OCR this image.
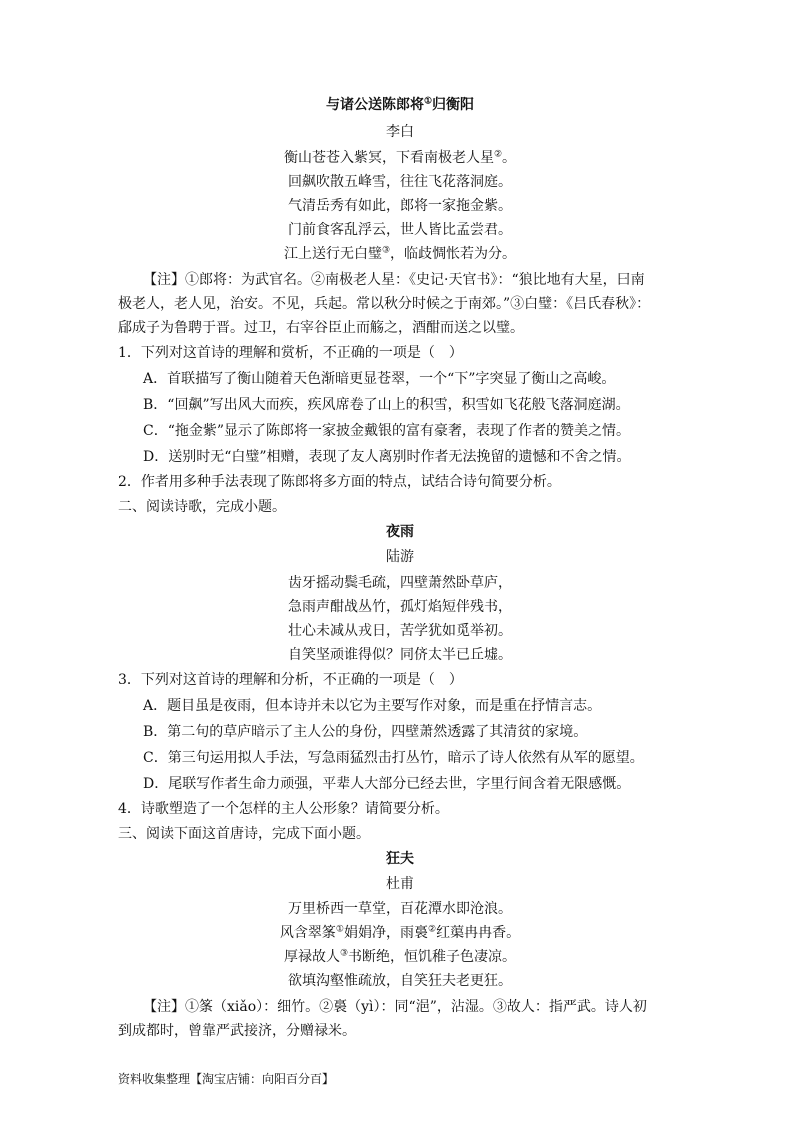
与诸公送陈郎将①归衡阳
李白
衡山苍苍入紫冥，下看南极老人星②。
回飙吹散五峰雪，往往飞花落洞庭。
气清岳秀有如此，郎将一家拖金紫。
门前食客乱浮云，世人皆比孟尝君。
江上送行无白璧③，临歧惆怅若为分。
【注】①郎将：为武官名。②南极老人星：《史记·天官书》：“狼比地有大星，曰南
极老人，老人见，治安。不见，兵起。常以秋分时候之于南郊。”③白璧：《吕氏春秋》：
郈成子为鲁聘于晋。过卫，右宰谷臣止而觞之，酒酣而送之以璧。
1．下列对这首诗的理解和赏析，不正确的一项是（　）
A．首联描写了衡山随着天色渐暗更显苍翠，一个“下”字突显了衡山之高峻。
B．“回飙”写出风大而疾，疾风席卷了山上的积雪，积雪如飞花般飞落洞庭湖。
C．“拖金紫”显示了陈郎将一家披金戴银的富有豪奢，表现了作者的赞美之情。
D．送别时无“白璧”相赠，表现了友人离别时作者无法挽留的遗憾和不舍之情。
2．作者用多种手法表现了陈郎将多方面的特点，试结合诗句简要分析。
二、阅读诗歌，完成小题。
夜雨
陆游
齿牙摇动鬓毛疏，四壁萧然卧草庐，
急雨声酣战丛竹，孤灯焰短伴残书，
壮心未减从戎日，苦学犹如觅举初。
自笑坚顽谁得似？同侪太半已丘墟。
3．下列对这首诗的理解和分析，不正确的一项是（　）
A．题目虽是夜雨，但本诗并未以它为主要写作对象，而是重在抒情言志。
B．第二句的草庐暗示了主人公的身份，四壁萧然透露了其清贫的家境。
C．第三句运用拟人手法，写急雨猛烈击打丛竹，暗示了诗人依然有从军的愿望。
D．尾联写作者生命力顽强，平辈人大部分已经去世，字里行间含着无限感慨。
4．诗歌塑造了一个怎样的主人公形象？请简要分析。
三、阅读下面这首唐诗，完成下面小题。
狂夫
杜甫
万里桥西一草堂，百花潭水即沧浪。
风含翠筿①娟娟净，雨裛②红蕖冉冉香。
厚禄故人③书断绝，恒饥稚子色凄凉。
欲填沟壑惟疏放，自笑狂夫老更狂。
【注】①筿（xiǎo）：细竹。②裛（yì）：同“浥”，沾湿。③故人：指严武。诗人初
到成都时，曾靠严武接济，分赠禄米。
资料收集整理【淘宝店铺：向阳百分百】
